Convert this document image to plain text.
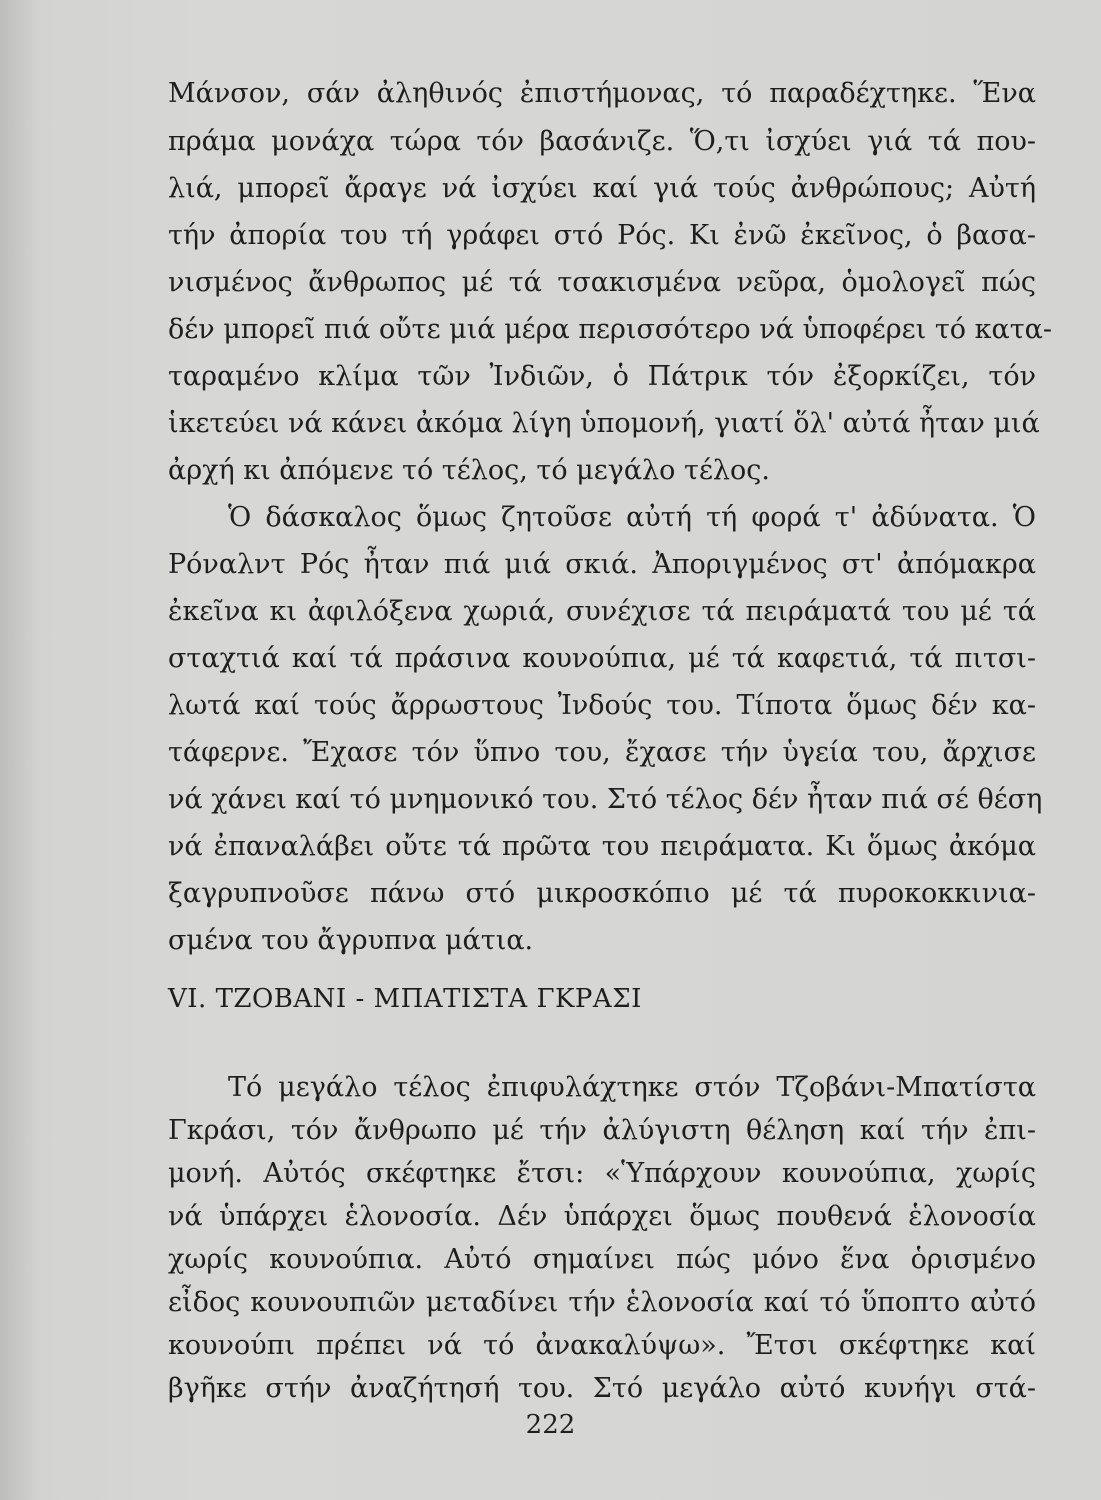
Μάνσον, σάν ἀληθινός ἐπιστήμονας, τό παραδέχτηκε. Ἕνα
πράμα μονάχα τώρα τόν βασάνιζε. Ὅ,τι ἰσχύει γιά τά που-
λιά, μπορεῖ ἄραγε νά ἰσχύει καί γιά τούς ἀνθρώπους; Αὐτή
τήν ἀπορία του τή γράφει στό Ρός. Κι ἐνῶ ἐκεῖνος, ὁ βασα-
νισμένος ἄνθρωπος μέ τά τσακισμένα νεῦρα, ὁμολογεῖ πώς
δέν μπορεῖ πιά οὔτε μιά μέρα περισσότερο νά ὑποφέρει τό κατα-
ταραμένο κλίμα τῶν Ἰνδιῶν, ὁ Πάτρικ τόν ἐξορκίζει, τόν
ἱκετεύει νά κάνει ἀκόμα λίγη ὑπομονή, γιατί ὅλ' αὐτά ἦταν μιά
ἀρχή κι ἀπόμενε τό τέλος, τό μεγάλο τέλος.
Ὁ δάσκαλος ὅμως ζητοῦσε αὐτή τή φορά τ' ἀδύνατα. Ὁ
Ρόναλντ Ρός ἦταν πιά μιά σκιά. Ἀποριγμένος στ' ἀπόμακρα
ἐκεῖνα κι ἀφιλόξενα χωριά, συνέχισε τά πειράματά του μέ τά
σταχτιά καί τά πράσινα κουνούπια, μέ τά καφετιά, τά πιτσι-
λωτά καί τούς ἄρρωστους Ἰνδούς του. Τίποτα ὅμως δέν κα-
τάφερνε. Ἔχασε τόν ὕπνο του, ἔχασε τήν ὑγεία του, ἄρχισε
νά χάνει καί τό μνημονικό του. Στό τέλος δέν ἦταν πιά σέ θέση
νά ἐπαναλάβει οὔτε τά πρῶτα του πειράματα. Κι ὅμως ἀκόμα
ξαγρυπνοῦσε πάνω στό μικροσκόπιο μέ τά πυροκοκκινια-
σμένα του ἄγρυπνα μάτια.
VI. ΤΖΟΒΑΝΙ - ΜΠΑΤΙΣΤΑ ΓΚΡΑΣΙ
Τό μεγάλο τέλος ἐπιφυλάχτηκε στόν Τζοβάνι-Μπατίστα
Γκράσι, τόν ἄνθρωπο μέ τήν ἀλύγιστη θέληση καί τήν ἐπι-
μονή. Αὐτός σκέφτηκε ἔτσι: «Ὑπάρχουν κουνούπια, χωρίς
νά ὑπάρχει ἑλονοσία. Δέν ὑπάρχει ὅμως πουθενά ἑλονοσία
χωρίς κουνούπια. Αὐτό σημαίνει πώς μόνο ἕνα ὁρισμένο
εἶδος κουνουπιῶν μεταδίνει τήν ἑλονοσία καί τό ὕποπτο αὐτό
κουνούπι πρέπει νά τό ἀνακαλύψω». Ἔτσι σκέφτηκε καί
222
βγῆκε στήν ἀναζήτησή του. Στό μεγάλο αὐτό κυνήγι στά-
